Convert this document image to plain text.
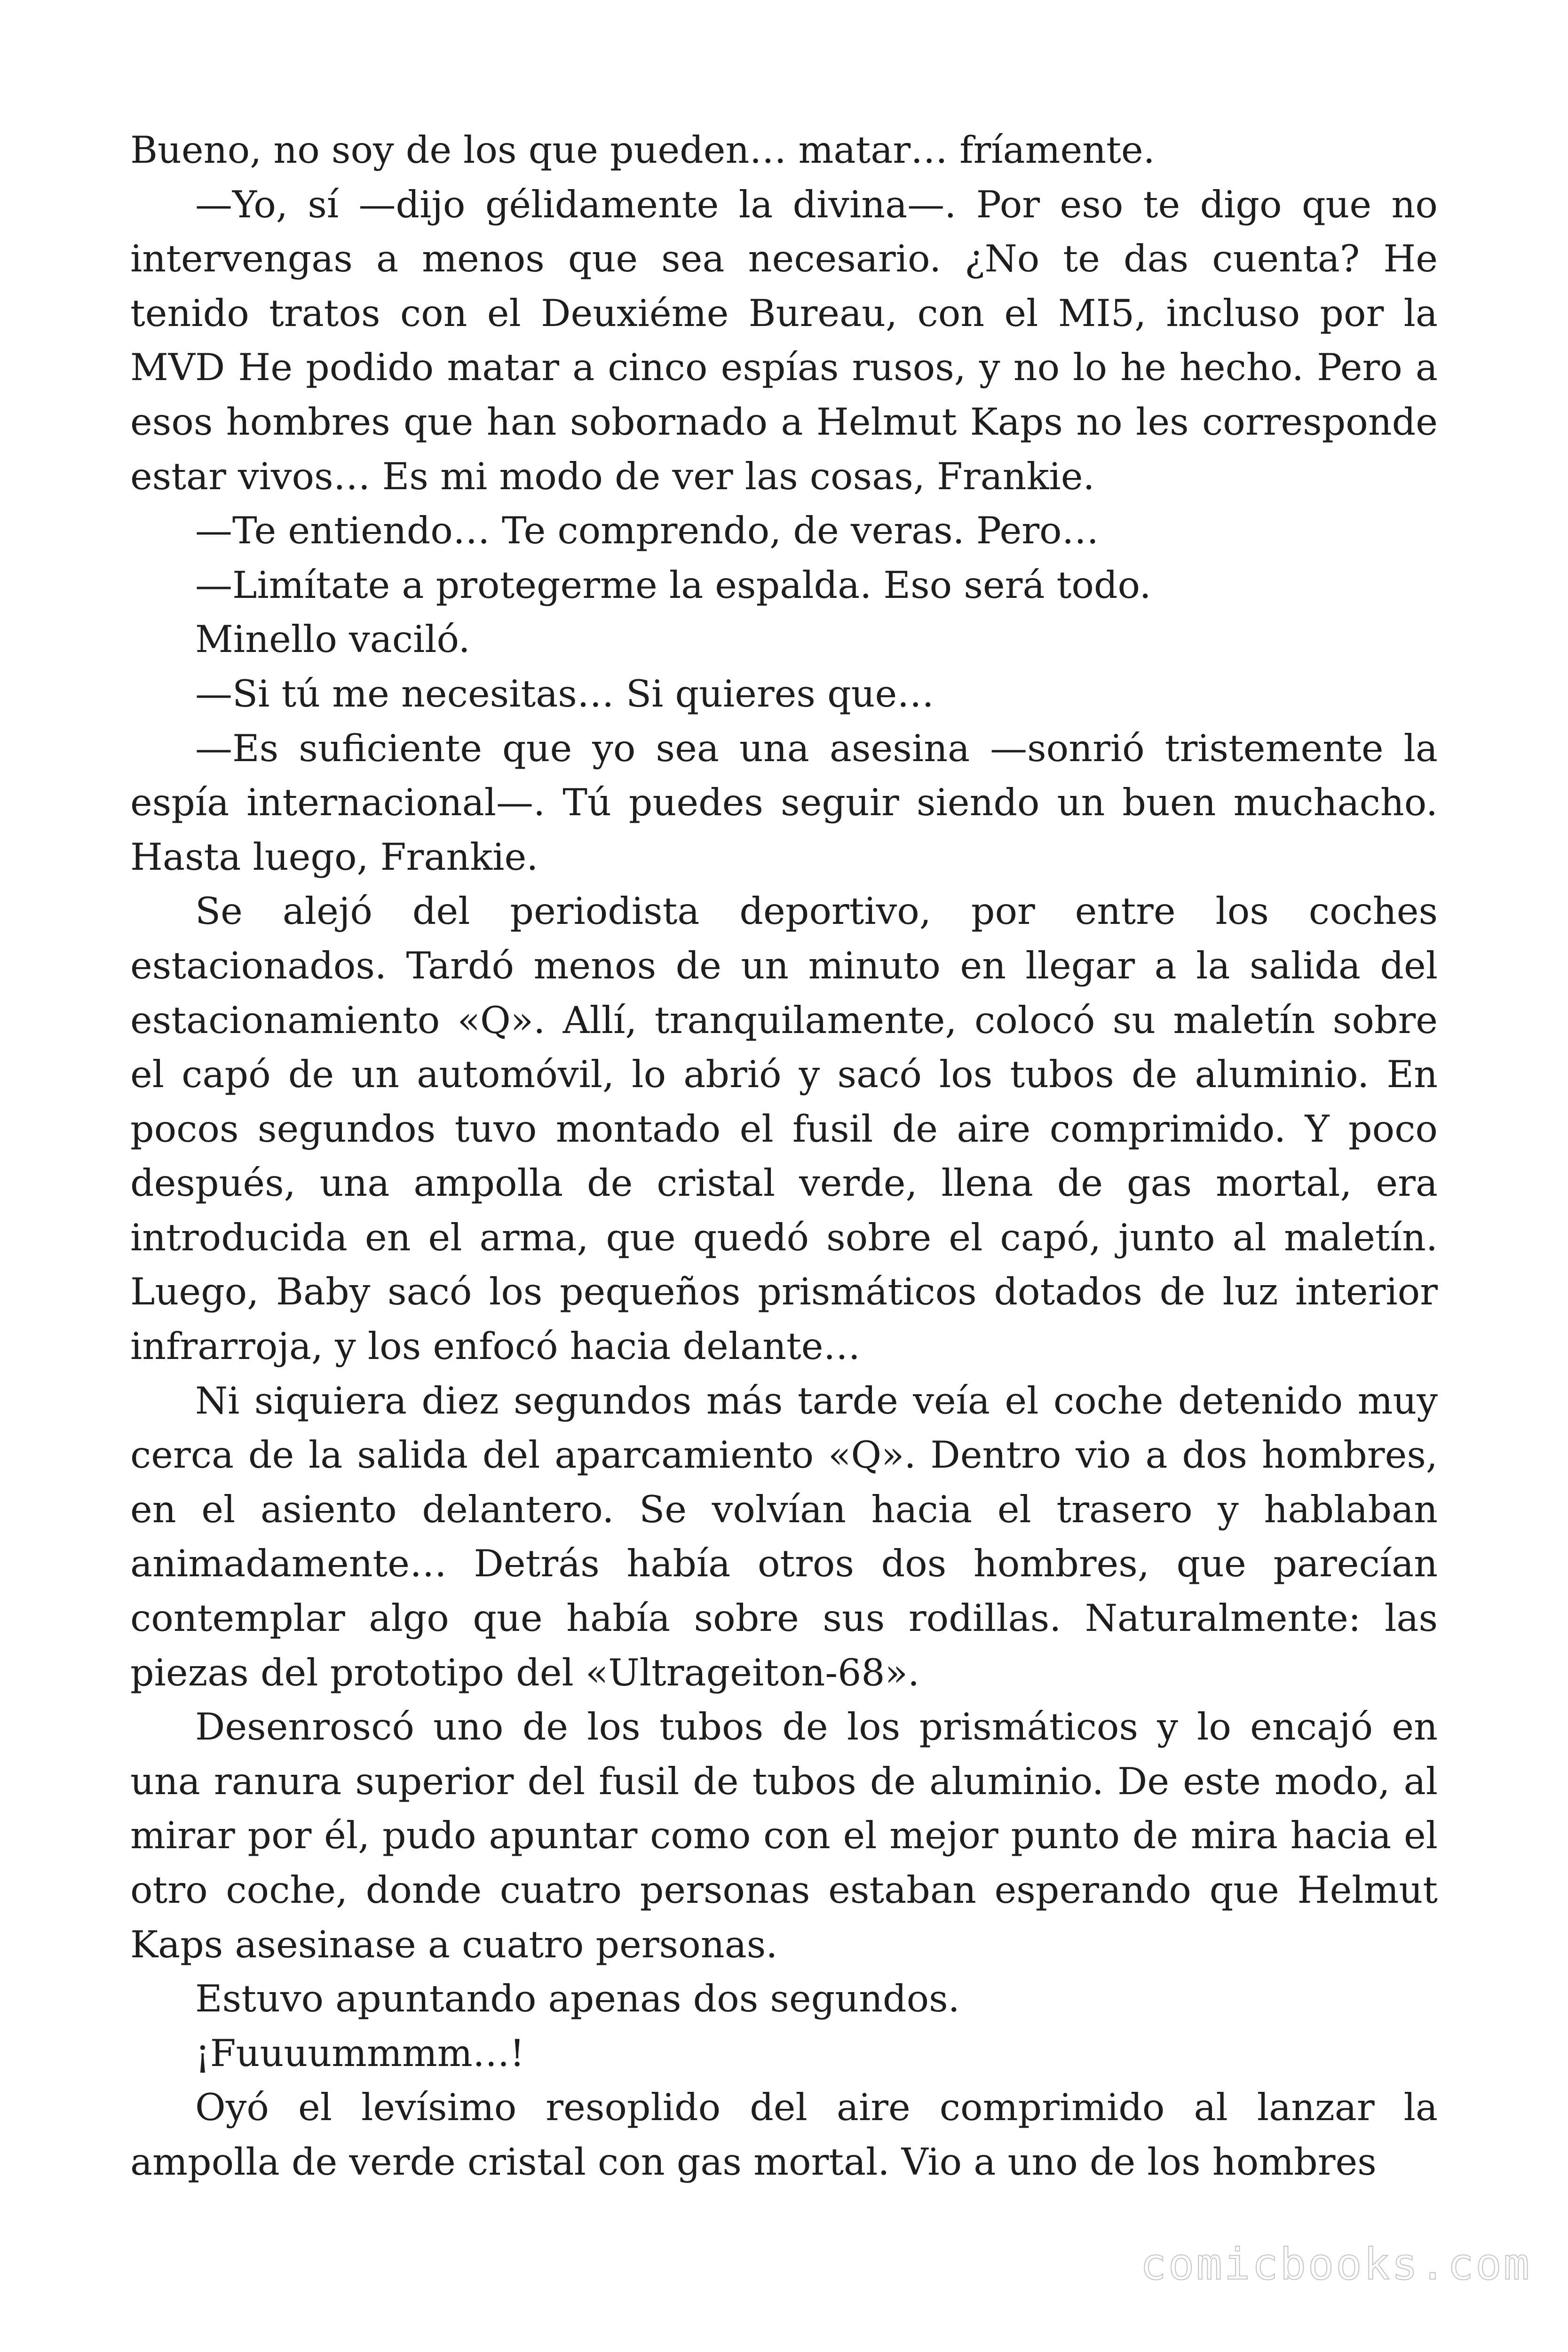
Bueno, no soy de los que pueden… matar… fríamente.

—Yo, sí —dijo gélidamente la divina—. Por eso te digo que no intervengas a menos que sea necesario. ¿No te das cuenta? He tenido tratos con el Deuxiéme Bureau, con el MI5, incluso por la MVD He podido matar a cinco espías rusos, y no lo he hecho. Pero a esos hombres que han sobornado a Helmut Kaps no les corresponde estar vivos… Es mi modo de ver las cosas, Frankie.

—Te entiendo… Te comprendo, de veras. Pero…

—Limítate a protegerme la espalda. Eso será todo.

Minello vaciló.

—Si tú me necesitas… Si quieres que…

—Es suficiente que yo sea una asesina —sonrió tristemente la espía internacional—. Tú puedes seguir siendo un buen muchacho. Hasta luego, Frankie.

Se alejó del periodista deportivo, por entre los coches estacionados. Tardó menos de un minuto en llegar a la salida del estacionamiento «Q». Allí, tranquilamente, colocó su maletín sobre el capó de un automóvil, lo abrió y sacó los tubos de aluminio. En pocos segundos tuvo montado el fusil de aire comprimido. Y poco después, una ampolla de cristal verde, llena de gas mortal, era introducida en el arma, que quedó sobre el capó, junto al maletín. Luego, Baby sacó los pequeños prismáticos dotados de luz interior infrarroja, y los enfocó hacia delante…

Ni siquiera diez segundos más tarde veía el coche detenido muy cerca de la salida del aparcamiento «Q». Dentro vio a dos hombres, en el asiento delantero. Se volvían hacia el trasero y hablaban animadamente… Detrás había otros dos hombres, que parecían contemplar algo que había sobre sus rodillas. Naturalmente: las piezas del prototipo del «Ultrageiton-68».

Desenroscó uno de los tubos de los prismáticos y lo encajó en una ranura superior del fusil de tubos de aluminio. De este modo, al mirar por él, pudo apuntar como con el mejor punto de mira hacia el otro coche, donde cuatro personas estaban esperando que Helmut Kaps asesinase a cuatro personas.

Estuvo apuntando apenas dos segundos.

¡Fuuuummmm…!

Oyó el levísimo resoplido del aire comprimido al lanzar la ampolla de verde cristal con gas mortal. Vio a uno de los hombres

comicbooks.com
